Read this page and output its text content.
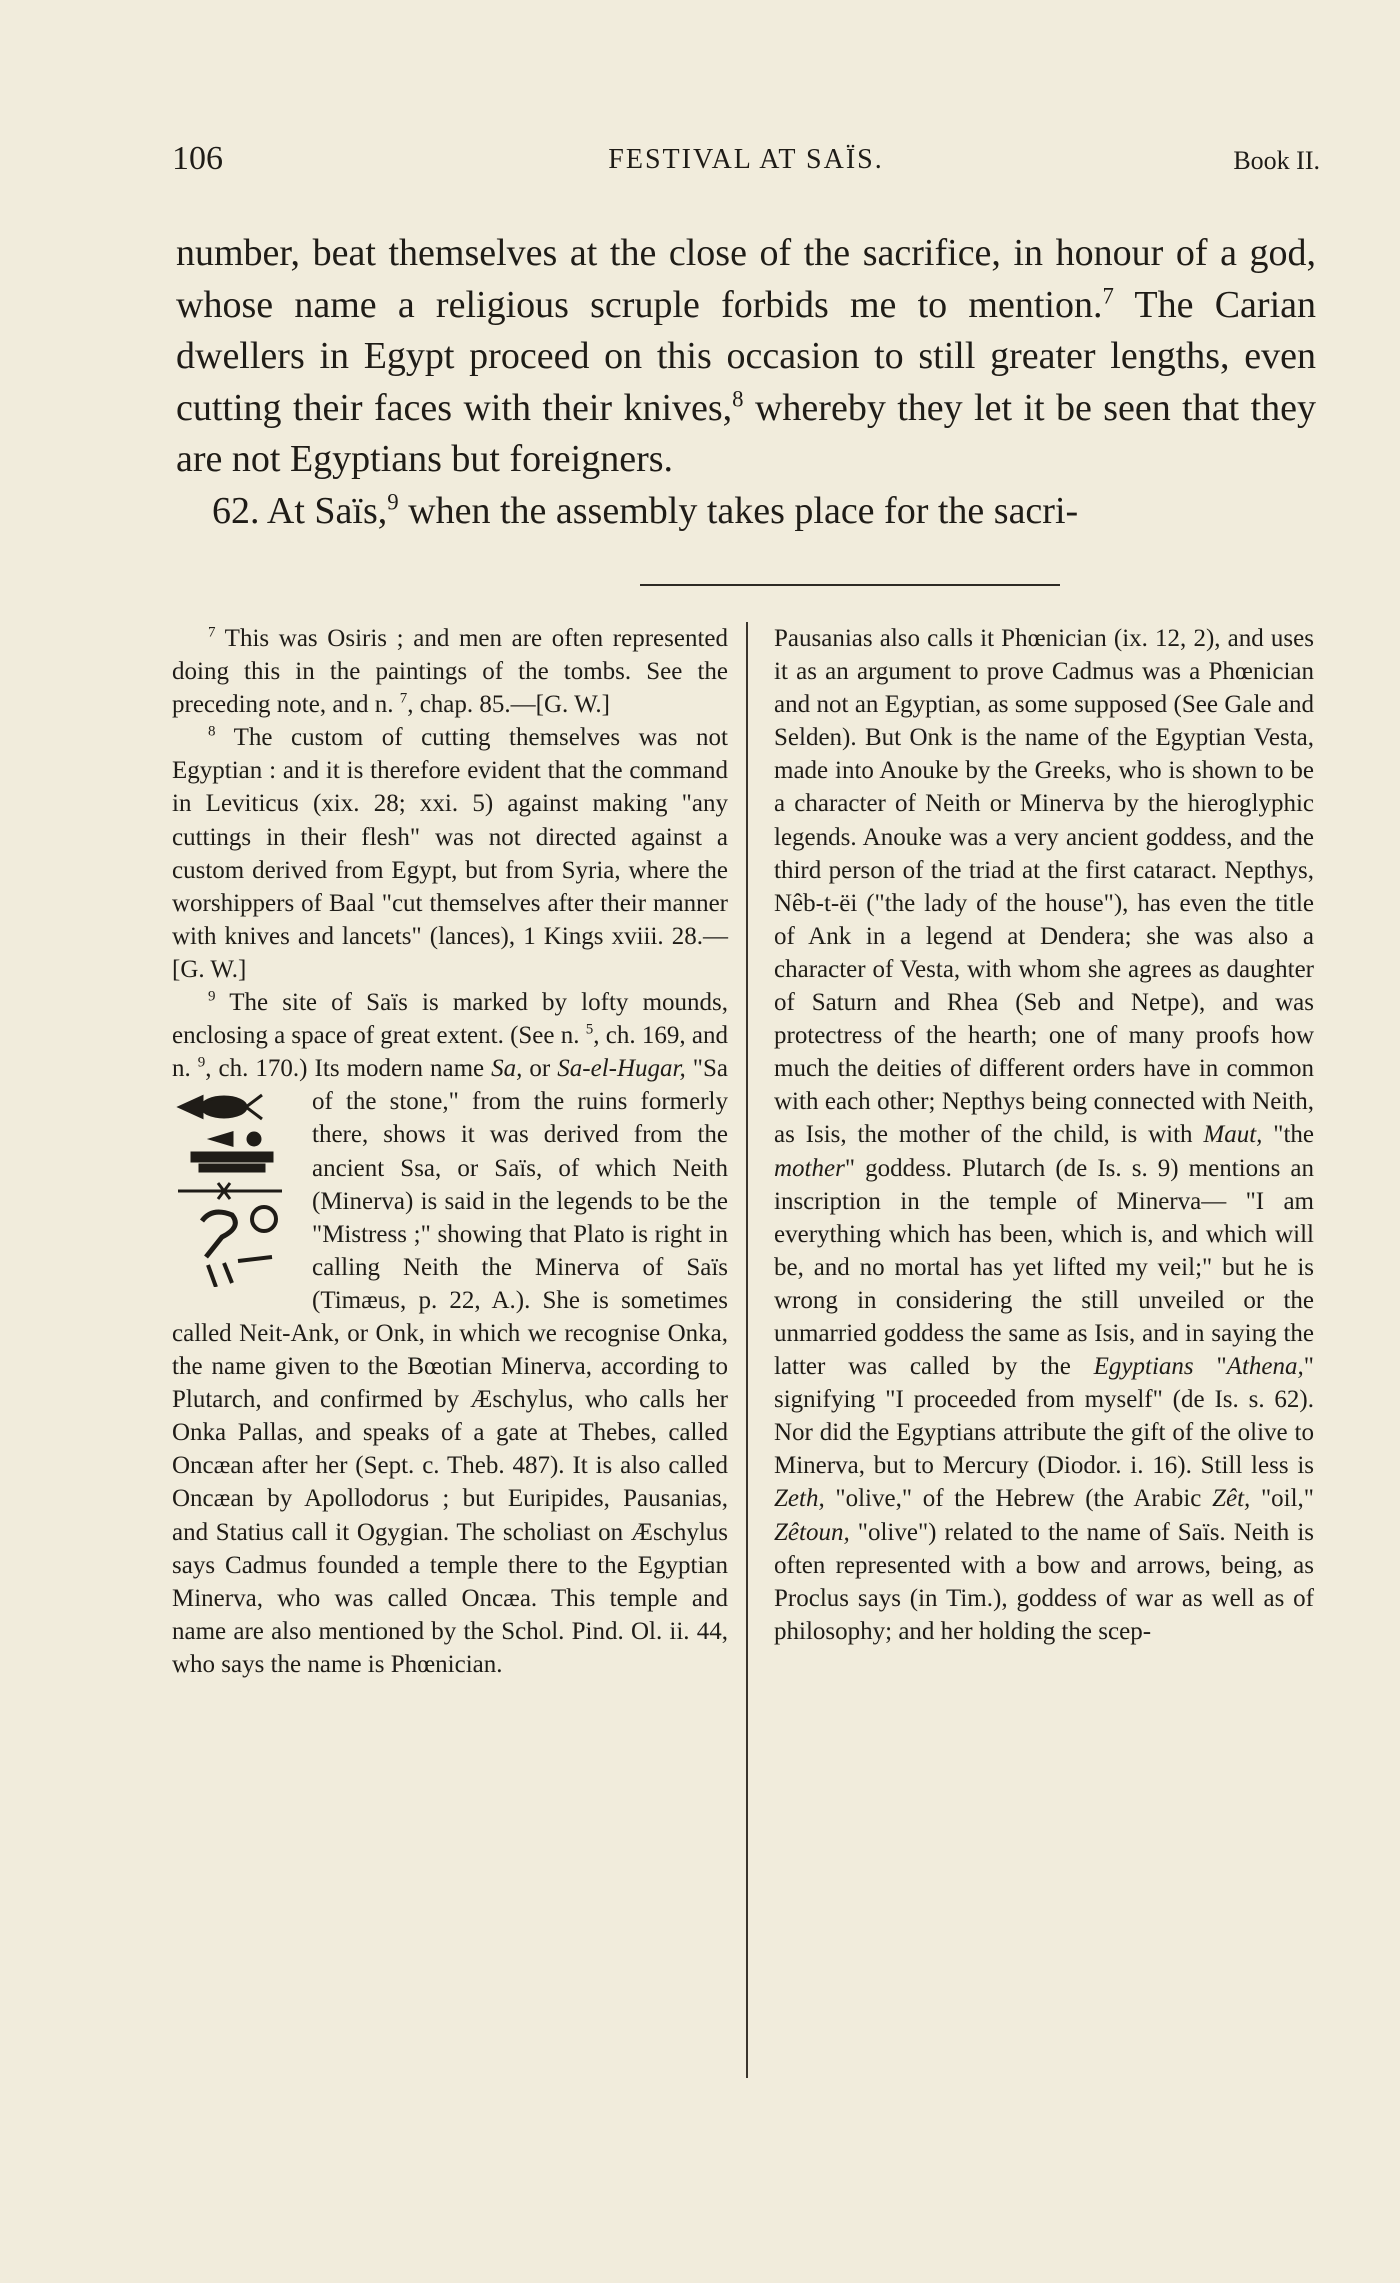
106	FESTIVAL AT SAÏS.	Book II.

number, beat themselves at the close of the sacrifice, in honour of a god, whose name a religious scruple forbids me to mention.$^7$ The Carian dwellers in Egypt proceed on this occasion to still greater lengths, even cutting their faces with their knives,$^8$ whereby they let it be seen that they are not Egyptians but foreigners.

62. At Saïs,$^9$ when the assembly takes place for the sacri-

$^7$ This was Osiris ; and men are often represented doing this in the paintings of the tombs. See the preceding note, and n. $^7$, chap. 85.—[G. W.]

$^8$ The custom of cutting themselves was not Egyptian : and it is therefore evident that the command in Leviticus (xix. 28; xxi. 5) against making "any cuttings in their flesh" was not directed against a custom derived from Egypt, but from Syria, where the worshippers of Baal "cut themselves after their manner with knives and lancets" (lances), 1 Kings xviii. 28.—[G. W.]

$^9$ The site of Saïs is marked by lofty mounds, enclosing a space of great extent. (See n. $^5$, ch. 169, and n. $^9$, ch. 170.) Its modern name Sa, or Sa-el-Hugar,
"Sa of the stone," from the ruins formerly there, shows it was derived from the ancient Ssa, or Saïs, of which Neith (Minerva) is said in the legends to be the "Mistress ;" showing that Plato is right in calling Neith the Minerva of Saïs (Timæus, p. 22, A.). She is sometimes called Neit-Ank, or Onk, in which we recognise Onka, the name given to the Bœotian Minerva, according to Plutarch, and confirmed by Æschylus, who calls her Onka Pallas, and speaks of a gate at Thebes, called Oncæan after her (Sept. c. Theb. 487). It is also called Oncæan by Apollodorus ; but Euripides, Pausanias, and Statius call it Ogygian. The scholiast on Æschylus says Cadmus founded a temple there to the Egyptian Minerva, who was called Oncæa. This temple and name are also mentioned by the Schol. Pind. Ol. ii. 44, who says the name is Phœnician.

Pausanias also calls it Phœnician (ix. 12, 2), and uses it as an argument to prove Cadmus was a Phœnician and not an Egyptian, as some supposed (See Gale and Selden). But Onk is the name of the Egyptian Vesta, made into Anouke by the Greeks, who is shown to be a character of Neith or Minerva by the hieroglyphic legends. Anouke was a very ancient goddess, and the third person of the triad at the first cataract. Nepthys, Nêb-t-ëi ("the lady of the house"), has even the title of Ank in a legend at Dendera; she was also a character of Vesta, with whom she agrees as daughter of Saturn and Rhea (Seb and Netpe), and was protectress of the hearth; one of many proofs how much the deities of different orders have in common with each other; Nepthys being connected with Neith, as Isis, the mother of the child, is with Maut, "the mother" goddess. Plutarch (de Is. s. 9) mentions an inscription in the temple of Minerva— "I am everything which has been, which is, and which will be, and no mortal has yet lifted my veil;" but he is wrong in considering the still unveiled or the unmarried goddess the same as Isis, and in saying the latter was called by the Egyptians "Athena," signifying "I proceeded from myself" (de Is. s. 62). Nor did the Egyptians attribute the gift of the olive to Minerva, but to Mercury (Diodor. i. 16). Still less is Zeth, "olive," of the Hebrew (the Arabic Zêt, "oil," Zêtoun, "olive") related to the name of Saïs. Neith is often represented with a bow and arrows, being, as Proclus says (in Tim.), goddess of war as well as of philosophy; and her holding the scep-
